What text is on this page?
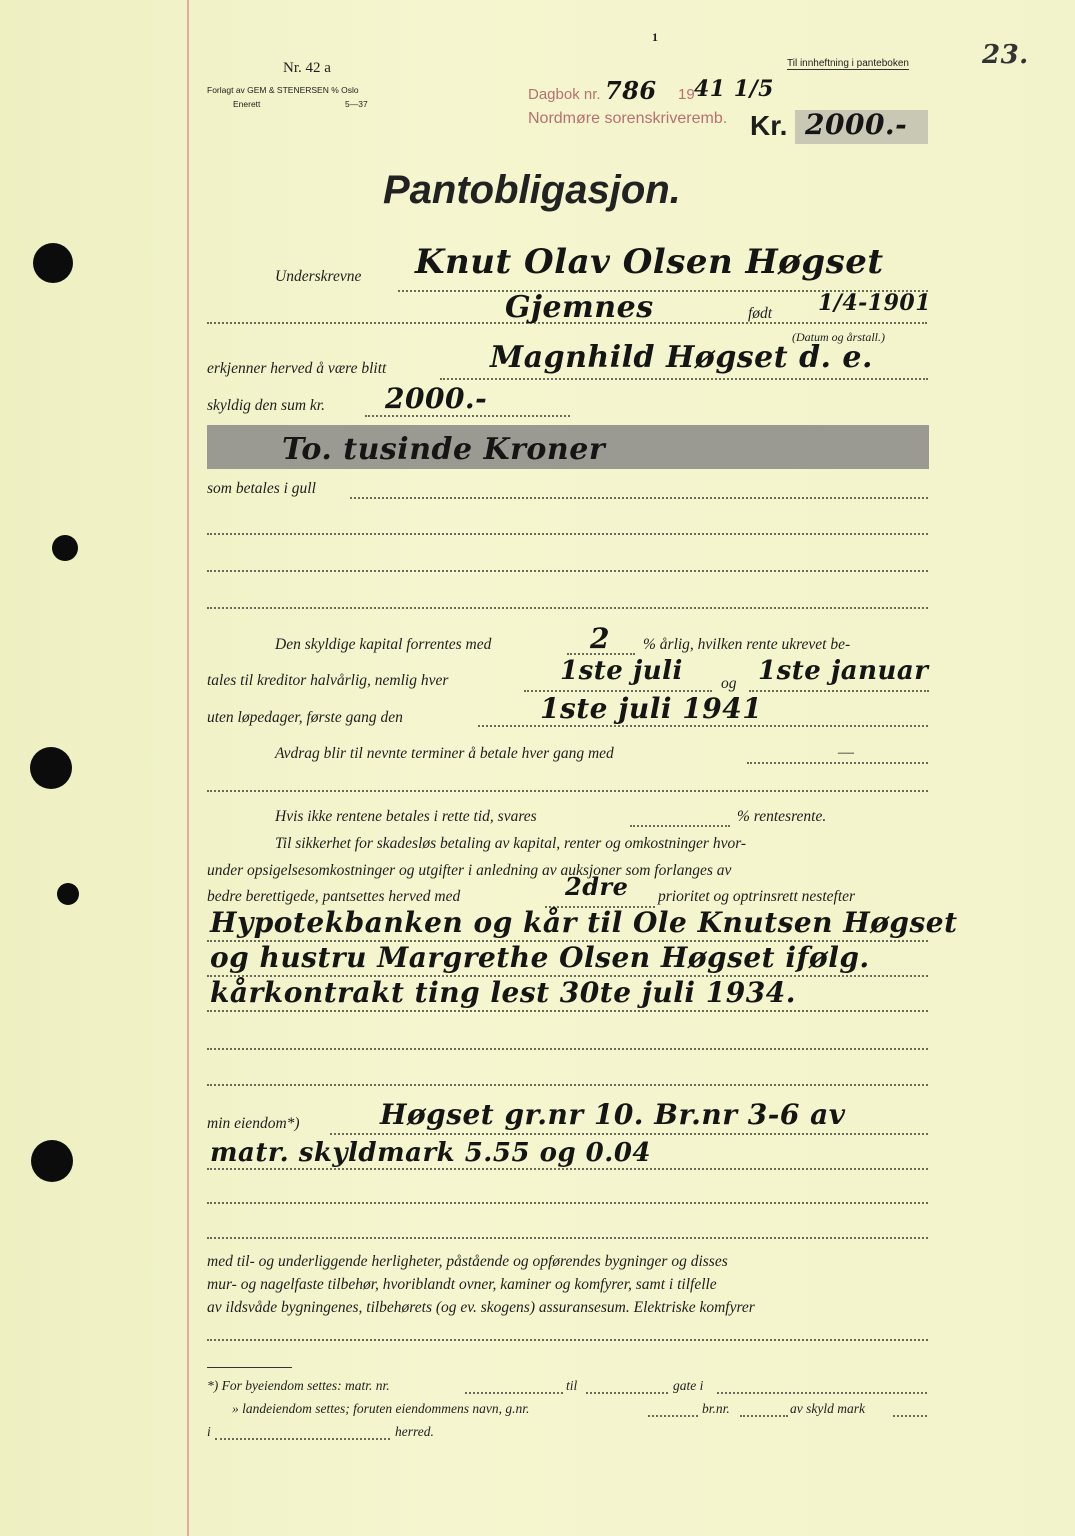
1
Nr. 42 a
Forlagt av GEM & STENERSEN % Oslo
Enerett	5—37
Til innheftning i panteboken	23.
Dagbok nr. 786 19 41 1/5
Nordmøre sorenskriveremb. Kr. 2000.-
Pantobligasjon.
Underskrevne Knut Olav Olsen Høgset
Gjemnes	født 1/4-1901
(Datum og årstall.)
erkjenner herved å være blitt	Magnhild Høgset d. e.
skyldig den sum kr. 2000.-
To. tusinde Kroner
som betales i gull
Den skyldige kapital forrentes med	2 % årlig, hvilken rente ukrevet be-
tales til kreditor halvårlig, nemlig hver	1ste juli og 1ste januar
uten løpedager, første gang den	1ste juli 1941
Avdrag blir til nevnte terminer å betale hver gang med	—
Hvis ikke rentene betales i rette tid, svares	% rentesrente.
Til sikkerhet for skadesløs betaling av kapital, renter og omkostninger hvor-
under opsigelsesomkostninger og utgifter i anledning av auksjoner som forlanges av
bedre berettigede, pantsettes herved med	2dre prioritet og optrinsrett nestefter
Hypotekbanken og kår til Ole Knutsen Høgset
og hustru Margrethe Olsen Høgset ifølg.
kårkontrakt ting lest 30te juli 1934.
min eiendom*)	Høgset gr.nr 10. Br.nr 3-6 av
matr. skyldmark 5.55 og 0.04
med til- og underliggende herligheter, påstående og opførendes bygninger og disses
mur- og nagelfaste tilbehør, hvoriblandt ovner, kaminer og komfyrer, samt i tilfelle
av ildsvåde bygningenes, tilbehørets (og ev. skogens) assuransesum. Elektriske komfyrer
*) For byeiendom settes: matr. nr.	til	gate i
» landeiendom settes; foruten eiendommens navn, g.nr.	br.nr.	av skyld mark
i	herred.
